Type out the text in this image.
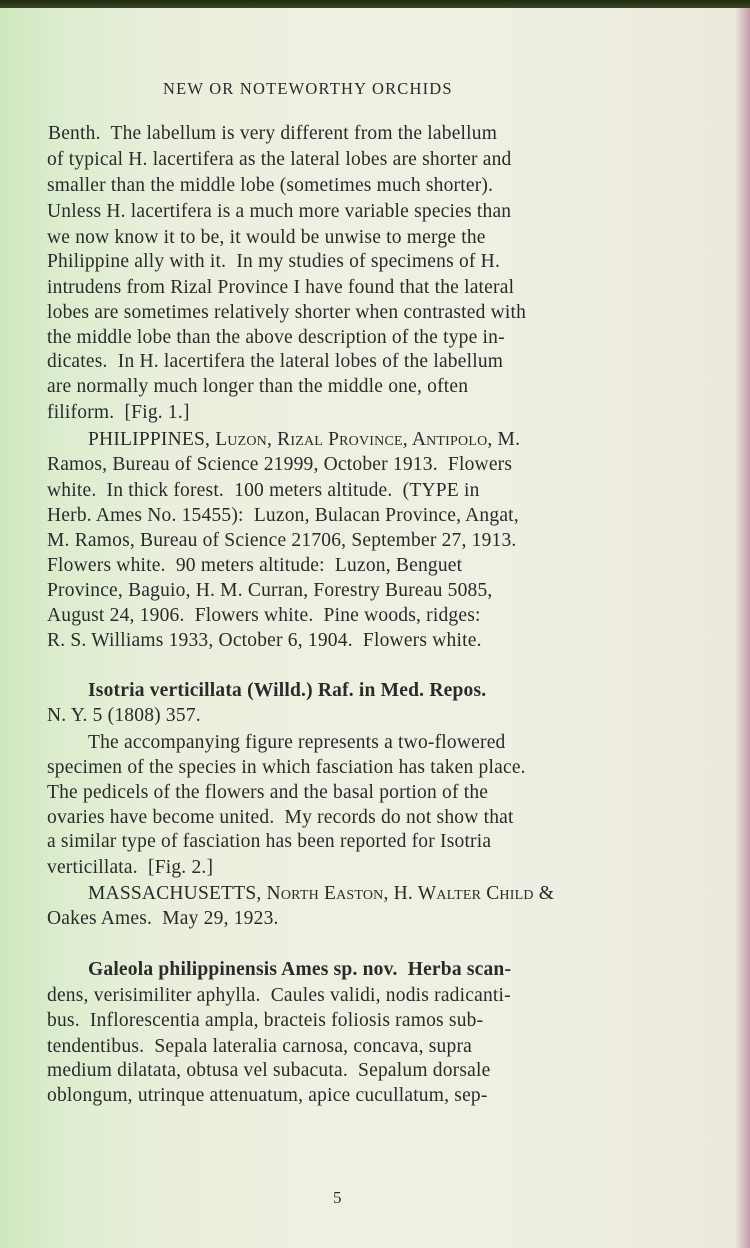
NEW OR NOTEWORTHY ORCHIDS
Benth.  The labellum is very different from the labellum
of typical H. lacertifera as the lateral lobes are shorter and
smaller than the middle lobe (sometimes much shorter).
Unless H. lacertifera is a much more variable species than
we now know it to be, it would be unwise to merge the
Philippine ally with it.  In my studies of specimens of H.
intrudens from Rizal Province I have found that the lateral
lobes are sometimes relatively shorter when contrasted with
the middle lobe than the above description of the type in-
dicates.  In H. lacertifera the lateral lobes of the labellum
are normally much longer than the middle one, often
filiform.  [Fig. 1.]
PHILIPPINES, Luzon, Rizal Province, Antipolo, M.
Ramos, Bureau of Science 21999, October 1913.  Flowers
white.  In thick forest.  100 meters altitude.  (TYPE in
Herb. Ames No. 15455):  Luzon, Bulacan Province, Angat,
M. Ramos, Bureau of Science 21706, September 27, 1913.
Flowers white.  90 meters altitude:  Luzon, Benguet
Province, Baguio, H. M. Curran, Forestry Bureau 5085,
August 24, 1906.  Flowers white.  Pine woods, ridges:
R. S. Williams 1933, October 6, 1904.  Flowers white.
Isotria verticillata (Willd.) Raf. in Med. Repos.
N. Y. 5 (1808) 357.
The accompanying figure represents a two-flowered
specimen of the species in which fasciation has taken place.
The pedicels of the flowers and the basal portion of the
ovaries have become united.  My records do not show that
a similar type of fasciation has been reported for Isotria
verticillata.  [Fig. 2.]
MASSACHUSETTS, North Easton, H. Walter Child &
Oakes Ames.  May 29, 1923.
Galeola philippinensis Ames sp. nov.  Herba scan-
dens, verisimiliter aphylla.  Caules validi, nodis radicanti-
bus.  Inflorescentia ampla, bracteis foliosis ramos sub-
tendentibus.  Sepala lateralia carnosa, concava, supra
medium dilatata, obtusa vel subacuta.  Sepalum dorsale
oblongum, utrinque attenuatum, apice cucullatum, sep-
5
